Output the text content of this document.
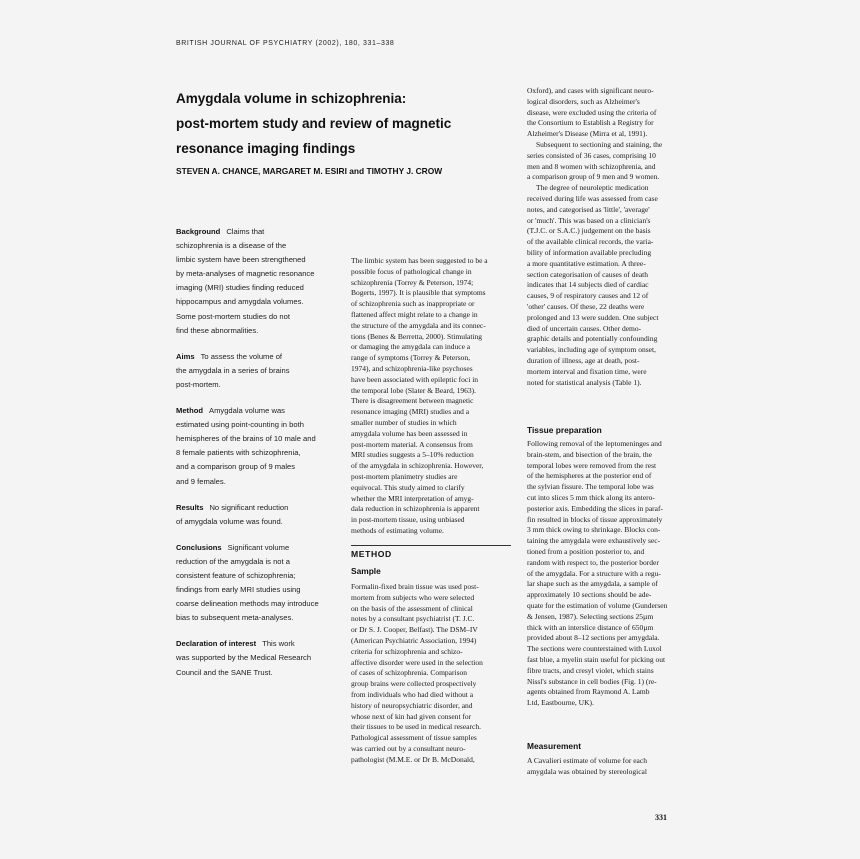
BRITISH JOURNAL OF PSYCHIATRY (2002), 180, 331–338
Amygdala volume in schizophrenia:
post-mortem study and review of magnetic
resonance imaging findings
STEVEN A. CHANCE, MARGARET M. ESIRI and TIMOTHY J. CROW
Background Claims that
schizophrenia is a disease of the
limbic system have been strengthened
by meta-analyses of magnetic resonance
imaging (MRI) studies finding reduced
hippocampus and amygdala volumes.
Some post-mortem studies do not
find these abnormalities.
Aims To assess the volume of
the amygdala in a series of brains
post-mortem.
Method Amygdala volume was
estimated using point-counting in both
hemispheres of the brains of 10 male and
8 female patients with schizophrenia,
and a comparison group of 9 males
and 9 females.
Results No significant reduction
of amygdala volume was found.
Conclusions Significant volume
reduction of the amygdala is not a
consistent feature of schizophrenia;
findings from early MRI studies using
coarse delineation methods may introduce
bias to subsequent meta-analyses.
Declaration of interest This work
was supported by the Medical Research
Council and the SANE Trust.
The limbic system has been suggested to be a
possible focus of pathological change in
schizophrenia (Torrey & Peterson, 1974;
Bogerts, 1997). It is plausible that symptoms
of schizophrenia such as inappropriate or
flattened affect might relate to a change in
the structure of the amygdala and its connec-
tions (Benes & Berretta, 2000). Stimulating
or damaging the amygdala can induce a
range of symptoms (Torrey & Peterson,
1974), and schizophrenia-like psychoses
have been associated with epileptic foci in
the temporal lobe (Slater & Beard, 1963).
There is disagreement between magnetic
resonance imaging (MRI) studies and a
smaller number of studies in which
amygdala volume has been assessed in
post-mortem material. A consensus from
MRI studies suggests a 5–10% reduction
of the amygdala in schizophrenia. However,
post-mortem planimetry studies are
equivocal. This study aimed to clarify
whether the MRI interpretation of amyg-
dala reduction in schizophrenia is apparent
in post-mortem tissue, using unbiased
methods of estimating volume.
METHOD
Sample
Formalin-fixed brain tissue was used post-
mortem from subjects who were selected
on the basis of the assessment of clinical
notes by a consultant psychiatrist (T. J.C.
or Dr S. J. Cooper, Belfast). The DSM–IV
(American Psychiatric Association, 1994)
criteria for schizophrenia and schizo-
affective disorder were used in the selection
of cases of schizophrenia. Comparison
group brains were collected prospectively
from individuals who had died without a
history of neuropsychiatric disorder, and
whose next of kin had given consent for
their tissues to be used in medical research.
Pathological assessment of tissue samples
was carried out by a consultant neuro-
pathologist (M.M.E. or Dr B. McDonald,
Oxford), and cases with significant neuro-
logical disorders, such as Alzheimer's
disease, were excluded using the criteria of
the Consortium to Establish a Registry for
Alzheimer's Disease (Mirra et al, 1991).
Subsequent to sectioning and staining, the
series consisted of 36 cases, comprising 10
men and 8 women with schizophrenia, and
a comparison group of 9 men and 9 women.
The degree of neuroleptic medication
received during life was assessed from case
notes, and categorised as 'little', 'average'
or 'much'. This was based on a clinician's
(T.J.C. or S.A.C.) judgement on the basis
of the available clinical records, the varia-
bility of information available precluding
a more quantitative estimation. A three-
section categorisation of causes of death
indicates that 14 subjects died of cardiac
causes, 9 of respiratory causes and 12 of
'other' causes. Of these, 22 deaths were
prolonged and 13 were sudden. One subject
died of uncertain causes. Other demo-
graphic details and potentially confounding
variables, including age of symptom onset,
duration of illness, age at death, post-
mortem interval and fixation time, were
noted for statistical analysis (Table 1).
Tissue preparation
Following removal of the leptomeninges and
brain-stem, and bisection of the brain, the
temporal lobes were removed from the rest
of the hemispheres at the posterior end of
the sylvian fissure. The temporal lobe was
cut into slices 5 mm thick along its antero-
posterior axis. Embedding the slices in paraf-
fin resulted in blocks of tissue approximately
3 mm thick owing to shrinkage. Blocks con-
taining the amygdala were exhaustively sec-
tioned from a position posterior to, and
random with respect to, the posterior border
of the amygdala. For a structure with a regu-
lar shape such as the amygdala, a sample of
approximately 10 sections should be ade-
quate for the estimation of volume (Gundersen
& Jensen, 1987). Selecting sections 25µm
thick with an interslice distance of 650µm
provided about 8–12 sections per amygdala.
The sections were counterstained with Luxol
fast blue, a myelin stain useful for picking out
fibre tracts, and cresyl violet, which stains
Nissl's substance in cell bodies (Fig. 1) (re-
agents obtained from Raymond A. Lamb
Ltd, Eastbourne, UK).
Measurement
A Cavalieri estimate of volume for each
amygdala was obtained by stereological
331
